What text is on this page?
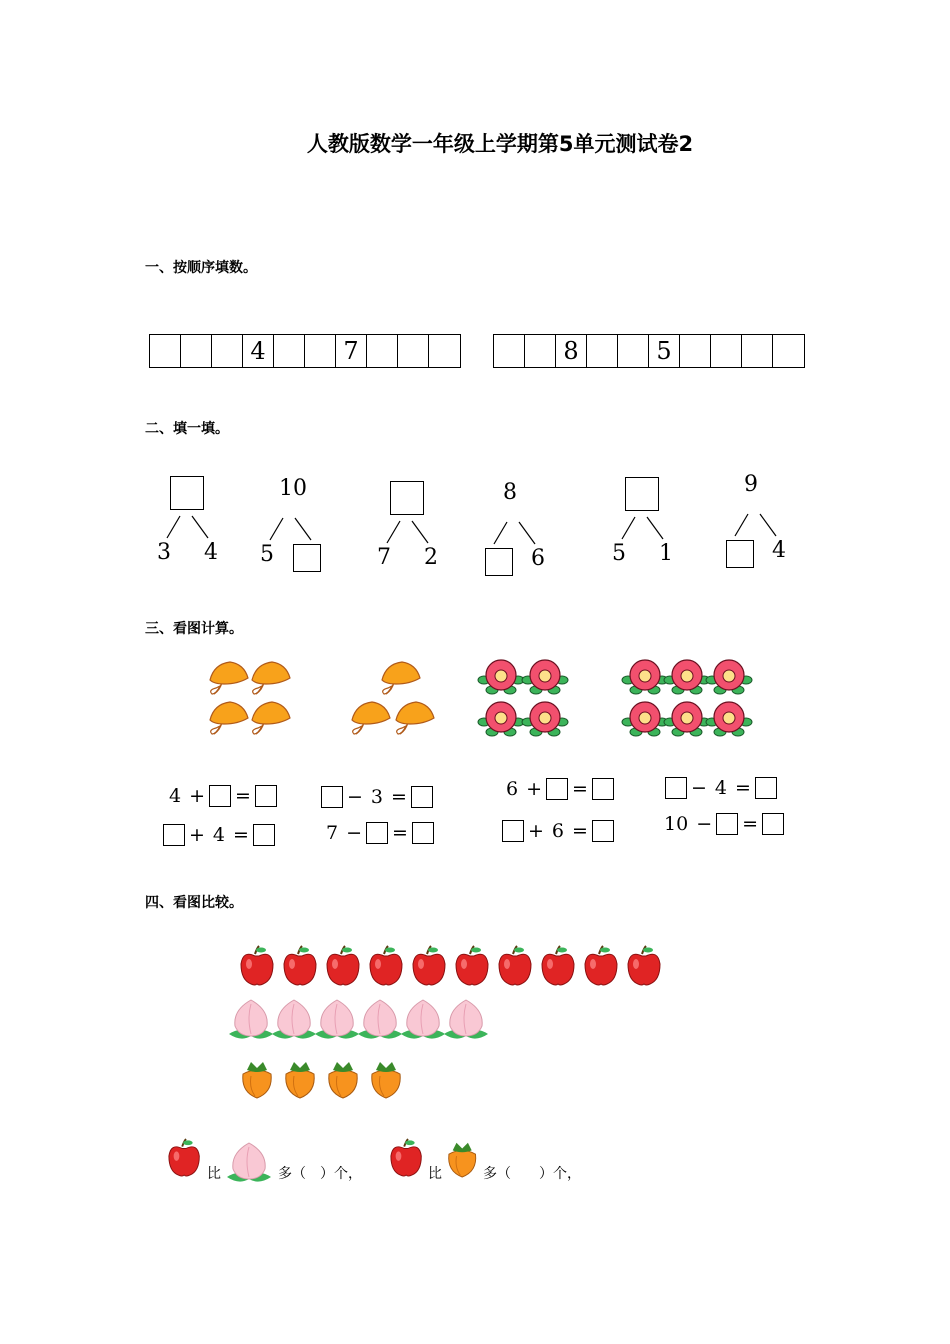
人教版数学一年级上学期第5单元测试卷2
一、按顺序填数。
4	7	8	5
二、填一填。
3 4
10
5	7 2
8
6	5 1
9
4
三、看图计算。
4 + =	− 3 =	6 + =	− 4 =
+ 4 =	7 − =	+ 6 =	10 − =
四、看图比较。
比	多（　）个，	比	多（　　）个，
